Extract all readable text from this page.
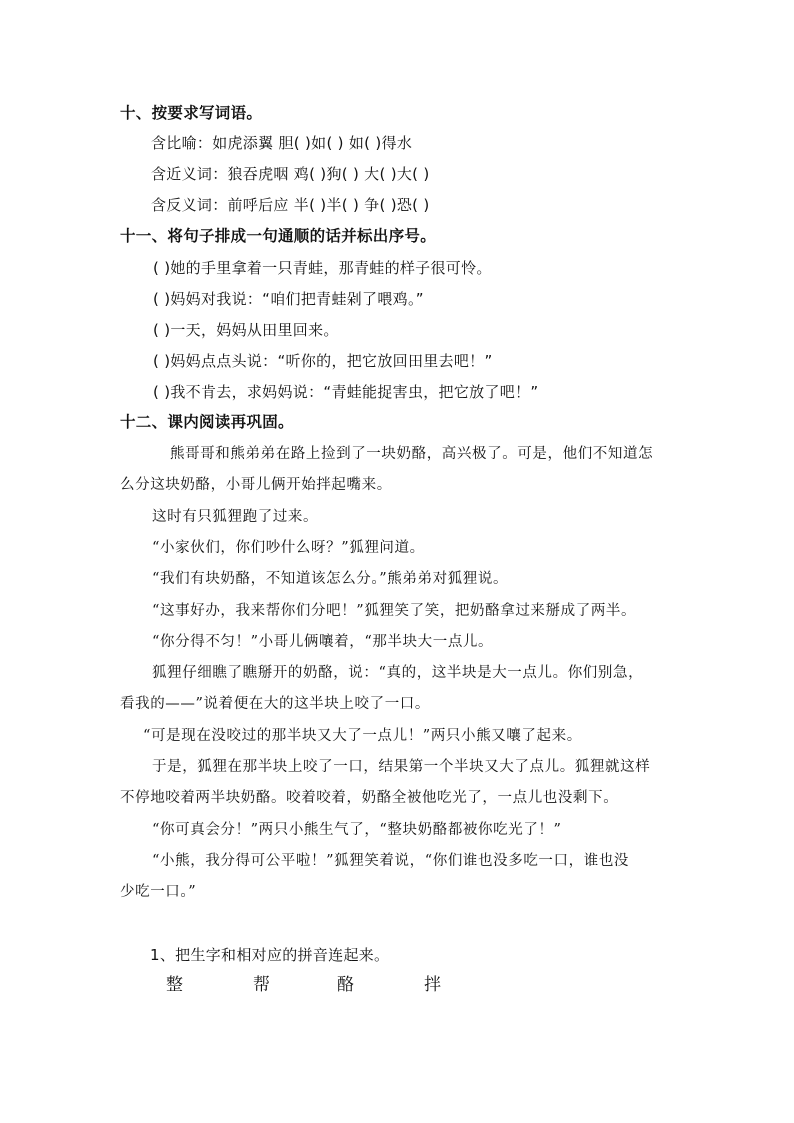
十、按要求写词语。
含比喻：如虎添翼 胆( )如( ) 如( )得水
含近义词：狼吞虎咽 鸡( )狗( ) 大( )大( )
含反义词：前呼后应 半( )半( ) 争( )恐( )
十一、将句子排成一句通顺的话并标出序号。
( )她的手里拿着一只青蛙，那青蛙的样子很可怜。
( )妈妈对我说：“咱们把青蛙剁了喂鸡。”
( )一天，妈妈从田里回来。
( )妈妈点点头说：“听你的，把它放回田里去吧！”
( )我不肯去，求妈妈说：“青蛙能捉害虫，把它放了吧！”
十二、课内阅读再巩固。
熊哥哥和熊弟弟在路上捡到了一块奶酪，高兴极了。可是，他们不知道怎
么分这块奶酪，小哥儿俩开始拌起嘴来。
这时有只狐狸跑了过来。
“小家伙们，你们吵什么呀？”狐狸问道。
“我们有块奶酪，不知道该怎么分。”熊弟弟对狐狸说。
“这事好办，我来帮你们分吧！”狐狸笑了笑，把奶酪拿过来掰成了两半。
“你分得不匀！”小哥儿俩嚷着，“那半块大一点儿。
狐狸仔细瞧了瞧掰开的奶酪，说：“真的，这半块是大一点儿。你们别急，
看我的——”说着便在大的这半块上咬了一口。
“可是现在没咬过的那半块又大了一点儿！”两只小熊又嚷了起来。
于是，狐狸在那半块上咬了一口，结果第一个半块又大了点儿。狐狸就这样
不停地咬着两半块奶酪。咬着咬着，奶酪全被他吃光了，一点儿也没剩下。
“你可真会分！”两只小熊生气了，“整块奶酪都被你吃光了！”
“小熊，我分得可公平啦！”狐狸笑着说，“你们谁也没多吃一口，谁也没
少吃一口。”
1、把生字和相对应的拼音连起来。
整	帮	酪	拌
